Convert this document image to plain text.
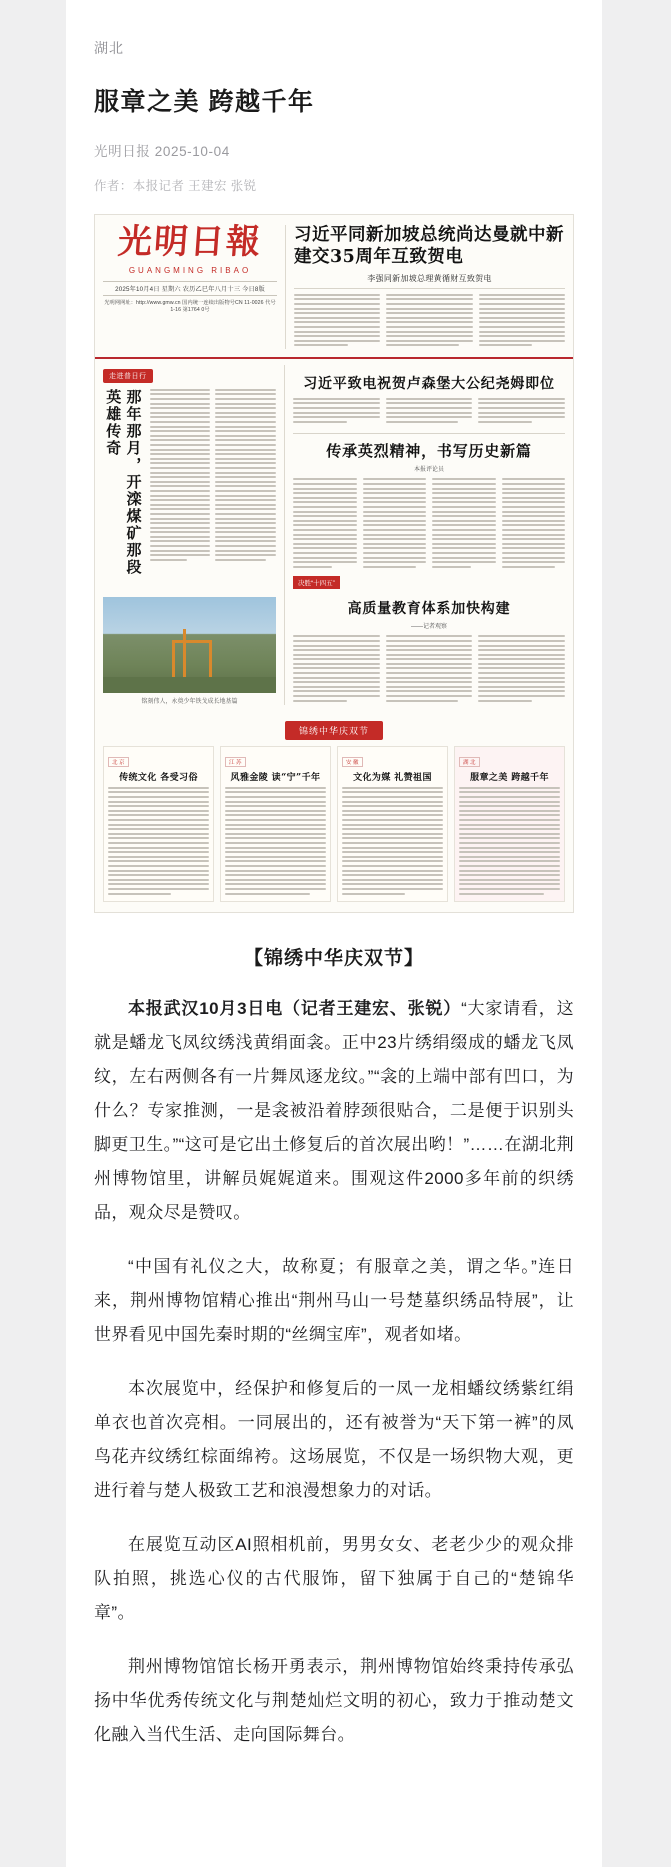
湖北
服章之美 跨越千年
光明日报 2025-10-04
作者：本报记者 王建宏 张锐
光明日報
GUANGMING RIBAO
2025年10月4日 星期六 农历乙巳年八月十三 今日8版
光明网网址：http://www.gmw.cn 国内统一连续出版物号CN 11-0026 代号1-16 第1764 0号
习近平同新加坡总统尚达曼就中新建交35周年互致贺电
李强同新加坡总理黄循财互致贺电
走进普日行
那年那月，开滦煤矿那段英雄传奇
铭刻伟人，永奠少年铁戈成长地基篇
习近平致电祝贺卢森堡大公纪尧姆即位
传承英烈精神，书写历史新篇
本报评论员
决胜“十四五”
高质量教育体系加快构建
——记者观察
锦绣中华庆双节
北 京
传统文化 各受习俗
江 苏
风雅金陵 读“宁”千年
安 徽
文化为媒 礼赞祖国
湖 北
服章之美 跨越千年
【锦绣中华庆双节】

本报武汉10月3日电（记者王建宏、张锐）“大家请看，这就是蟠龙飞凤纹绣浅黄绢面衾。正中23片绣绢缀成的蟠龙飞凤纹，左右两侧各有一片舞凤逐龙纹。”“衾的上端中部有凹口，为什么？专家推测，一是衾被沿着脖颈很贴合，二是便于识别头脚更卫生。”“这可是它出土修复后的首次展出哟！”……在湖北荆州博物馆里，讲解员娓娓道来。围观这件2000多年前的织绣品，观众尽是赞叹。

“中国有礼仪之大，故称夏；有服章之美，谓之华。”连日来，荆州博物馆精心推出“荆州马山一号楚墓织绣品特展”，让世界看见中国先秦时期的“丝绸宝库”，观者如堵。

本次展览中，经保护和修复后的一凤一龙相蟠纹绣紫红绢单衣也首次亮相。一同展出的，还有被誉为“天下第一裤”的凤鸟花卉纹绣红棕面绵袴。这场展览，不仅是一场织物大观，更进行着与楚人极致工艺和浪漫想象力的对话。

在展览互动区AI照相机前，男男女女、老老少少的观众排队拍照，挑选心仪的古代服饰，留下独属于自己的“楚锦华章”。

荆州博物馆馆长杨开勇表示，荆州博物馆始终秉持传承弘扬中华优秀传统文化与荆楚灿烂文明的初心，致力于推动楚文化融入当代生活、走向国际舞台。
